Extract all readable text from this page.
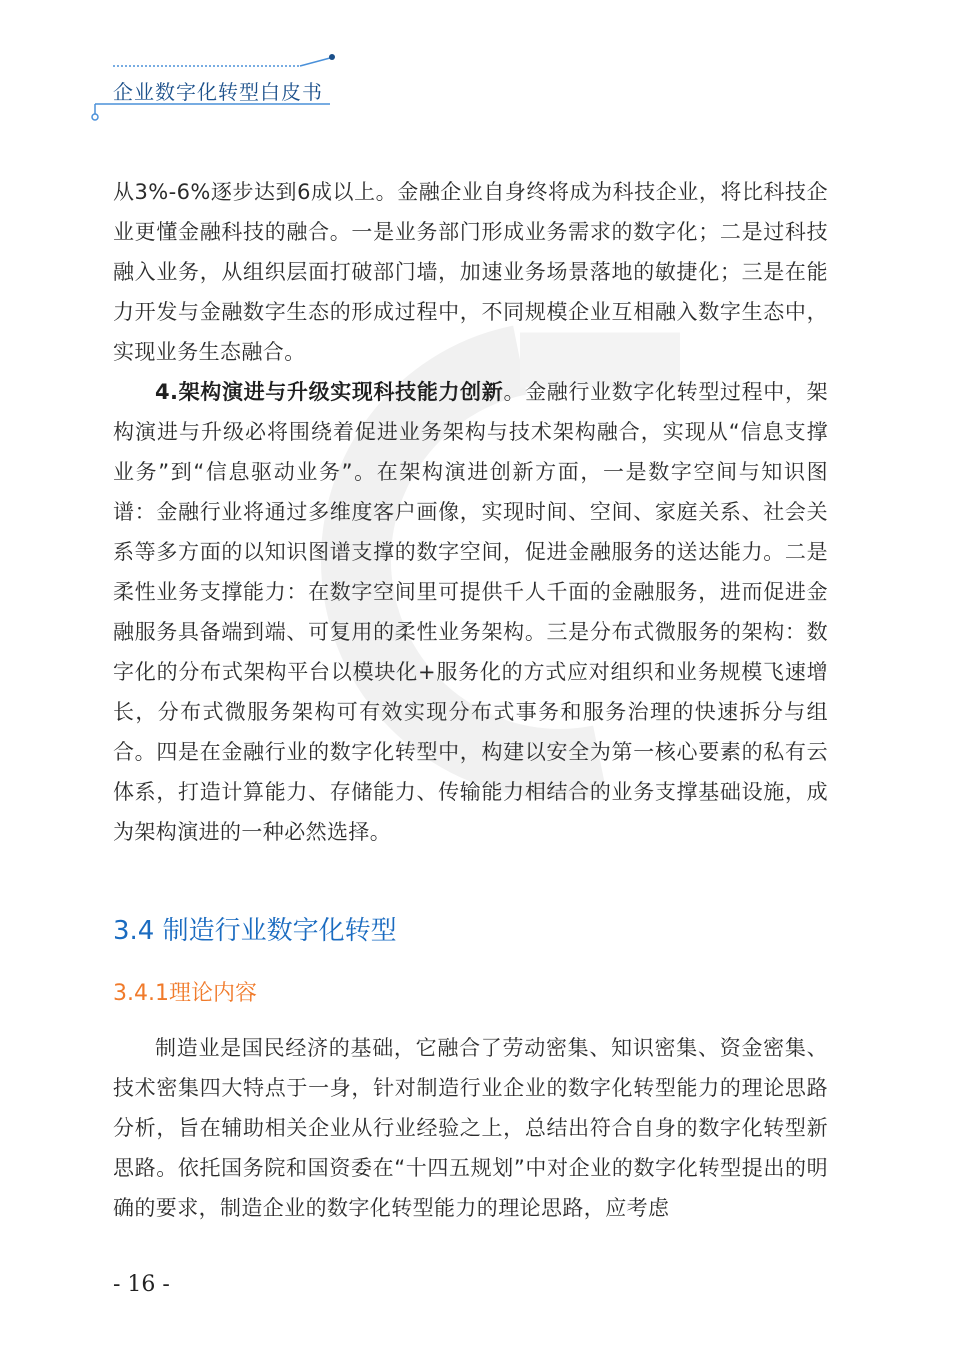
企业数字化转型白皮书

从3%-6%逐步达到6成以上。金融企业自身终将成为科技企业，将比科技企业更懂金融科技的融合。一是业务部门形成业务需求的数字化；二是过科技融入业务，从组织层面打破部门墙，加速业务场景落地的敏捷化；三是在能力开发与金融数字生态的形成过程中，不同规模企业互相融入数字生态中，实现业务生态融合。

4.架构演进与升级实现科技能力创新。金融行业数字化转型过程中，架构演进与升级必将围绕着促进业务架构与技术架构融合，实现从“信息支撑业务”到“信息驱动业务”。在架构演进创新方面，一是数字空间与知识图谱：金融行业将通过多维度客户画像，实现时间、空间、家庭关系、社会关系等多方面的以知识图谱支撑的数字空间，促进金融服务的送达能力。二是柔性业务支撑能力：在数字空间里可提供千人千面的金融服务，进而促进金融服务具备端到端、可复用的柔性业务架构。三是分布式微服务的架构：数字化的分布式架构平台以模块化+服务化的方式应对组织和业务规模飞速增长，分布式微服务架构可有效实现分布式事务和服务治理的快速拆分与组合。四是在金融行业的数字化转型中，构建以安全为第一核心要素的私有云体系，打造计算能力、存储能力、传输能力相结合的业务支撑基础设施，成为架构演进的一种必然选择。

3.4 制造行业数字化转型
3.4.1理论内容

制造业是国民经济的基础，它融合了劳动密集、知识密集、资金密集、技术密集四大特点于一身，针对制造行业企业的数字化转型能力的理论思路分析，旨在辅助相关企业从行业经验之上，总结出符合自身的数字化转型新思路。依托国务院和国资委在“十四五规划”中对企业的数字化转型提出的明确的要求，制造企业的数字化转型能力的理论思路，应考虑

- 16 -
